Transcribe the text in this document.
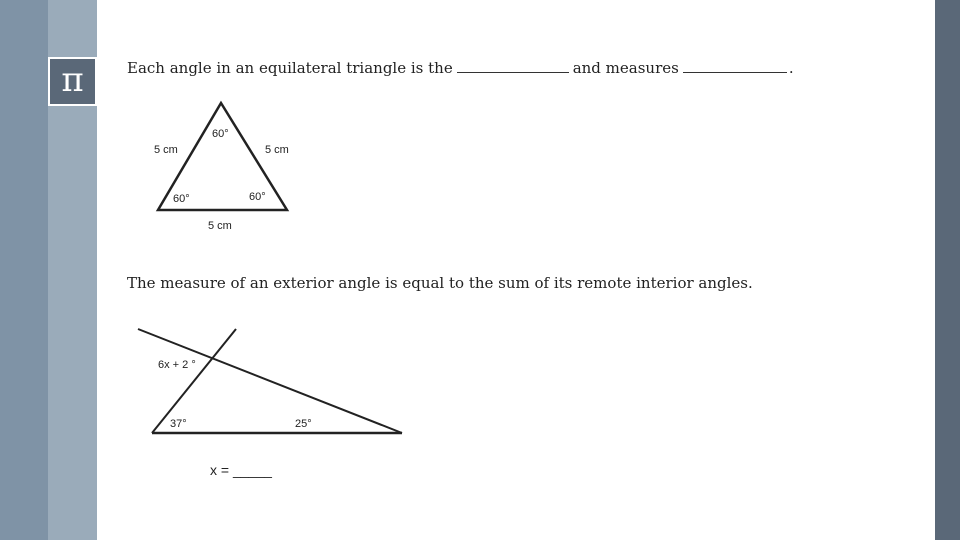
π	Each angle in an equilateral triangle is the	and measures	.
60°
5 cm	5 cm
60°	60°
5 cm
The measure of an exterior angle is equal to the sum of its remote interior angles.
6x + 2 °
37°	25°
x = _____
